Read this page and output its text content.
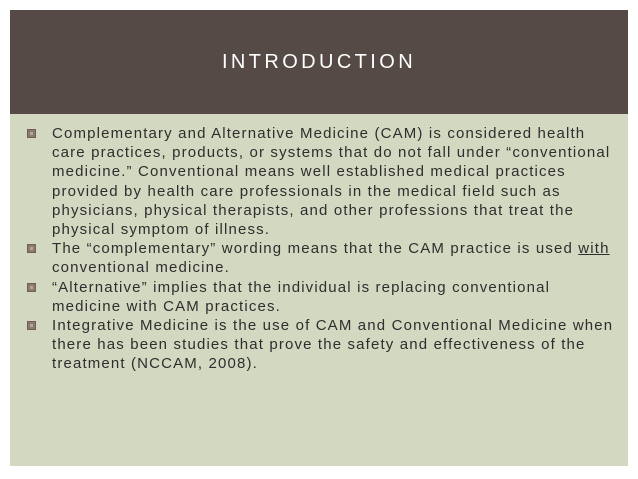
INTRODUCTION
Complementary and Alternative Medicine (CAM) is considered health care practices, products, or systems that do not fall under “conventional medicine.” Conventional means well established medical practices provided by health care professionals in the medical field such as physicians, physical therapists, and other professions that treat the physical symptom of illness.
The “complementary” wording means that the CAM practice is used with conventional medicine.
“Alternative” implies that the individual is replacing conventional medicine with CAM practices.
Integrative Medicine is the use of CAM and Conventional Medicine when there has been studies that prove the safety and effectiveness of the treatment (NCCAM, 2008).
